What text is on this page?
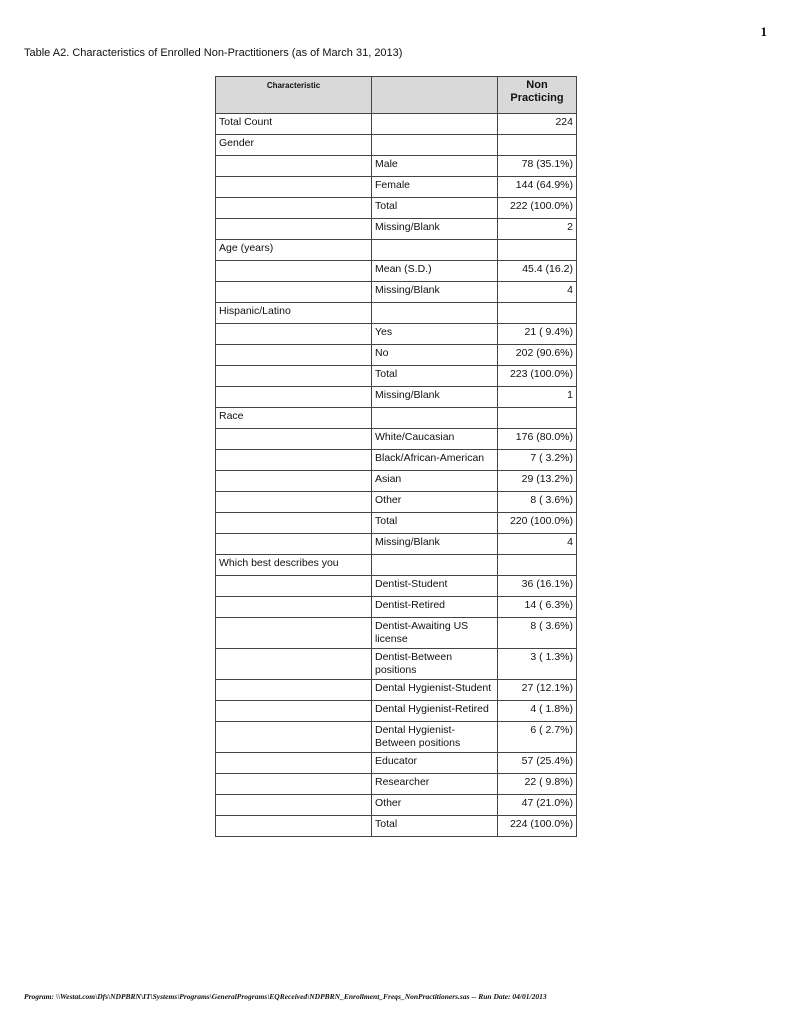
1
Table A2. Characteristics of Enrolled Non-Practitioners (as of March 31, 2013)
Characteristic		Non Practicing
Total Count		224
Gender		
	Male	78 (35.1%)
	Female	144 (64.9%)
	Total	222 (100.0%)
	Missing/Blank	2
Age (years)		
	Mean (S.D.)	45.4 (16.2)
	Missing/Blank	4
Hispanic/Latino		
	Yes	21 ( 9.4%)
	No	202 (90.6%)
	Total	223 (100.0%)
	Missing/Blank	1
Race		
	White/Caucasian	176 (80.0%)
	Black/African-American	7 ( 3.2%)
	Asian	29 (13.2%)
	Other	8 ( 3.6%)
	Total	220 (100.0%)
	Missing/Blank	4
Which best describes you		
	Dentist-Student	36 (16.1%)
	Dentist-Retired	14 ( 6.3%)
	Dentist-Awaiting US license	8 ( 3.6%)
	Dentist-Between positions	3 ( 1.3%)
	Dental Hygienist-Student	27 (12.1%)
	Dental Hygienist-Retired	4 ( 1.8%)
	Dental Hygienist-Between positions	6 ( 2.7%)
	Educator	57 (25.4%)
	Researcher	22 ( 9.8%)
	Other	47 (21.0%)
	Total	224 (100.0%)
Program: \\Westat.com\Dfs\NDPBRN\IT\Systems\Programs\GeneralPrograms\EQReceived\NDPBRN_Enrollment_Freqs_NonPractitioners.sas -- Run Date: 04/01/2013
